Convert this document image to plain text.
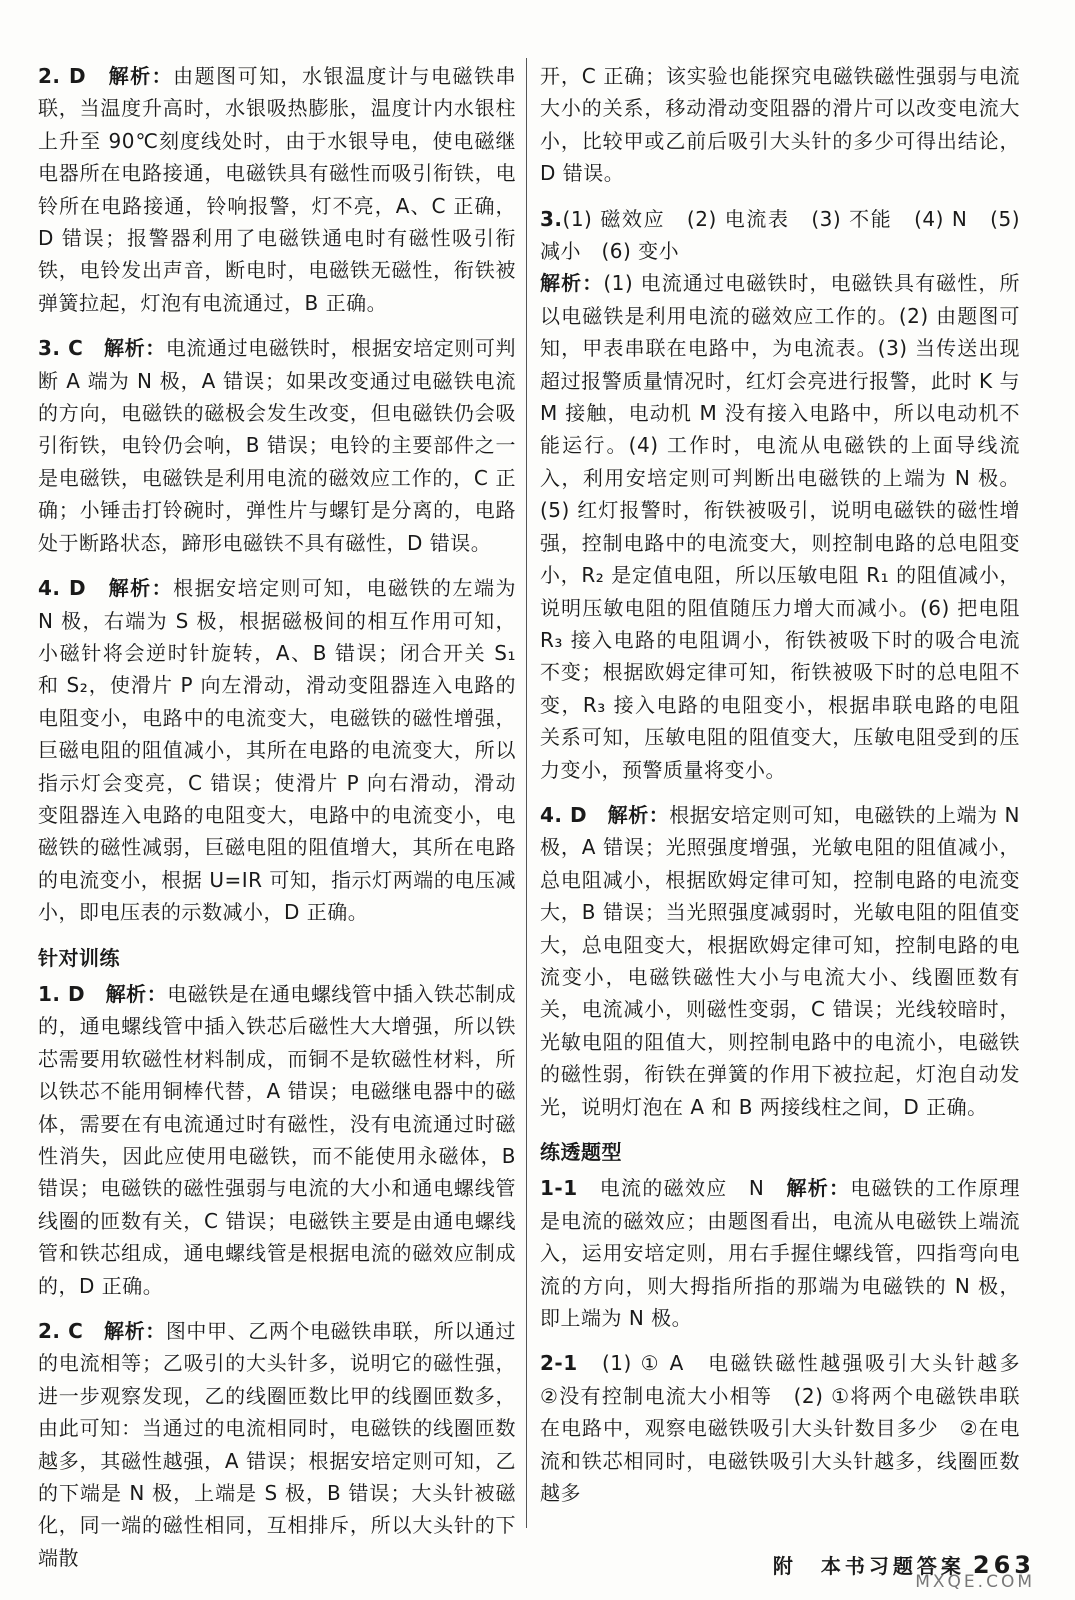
2. D　 解析：由题图可知，水银温度计与电磁铁串联，当温度升高时，水银吸热膨胀，温度计内水银柱上升至 90℃刻度线处时，由于水银导电，使电磁继电器所在电路接通，电磁铁具有磁性而吸引衔铁，电铃所在电路接通，铃响报警，灯不亮，A、C 正确，D 错误；报警器利用了电磁铁通电时有磁性吸引衔铁，电铃发出声音，断电时，电磁铁无磁性，衔铁被弹簧拉起，灯泡有电流通过，B 正确。

3. C　 解析：电流通过电磁铁时，根据安培定则可判断 A 端为 N 极，A 错误；如果改变通过电磁铁电流的方向，电磁铁的磁极会发生改变，但电磁铁仍会吸引衔铁，电铃仍会响，B 错误；电铃的主要部件之一是电磁铁，电磁铁是利用电流的磁效应工作的，C 正确；小锤击打铃碗时，弹性片与螺钉是分离的，电路处于断路状态，蹄形电磁铁不具有磁性，D 错误。

4. D　 解析：根据安培定则可知，电磁铁的左端为 N 极，右端为 S 极，根据磁极间的相互作用可知，小磁针将会逆时针旋转，A、B 错误；闭合开关 S₁ 和 S₂，使滑片 P 向左滑动，滑动变阻器连入电路的电阻变小，电路中的电流变大，电磁铁的磁性增强，巨磁电阻的阻值减小，其所在电路的电流变大，所以指示灯会变亮，C 错误；使滑片 P 向右滑动，滑动变阻器连入电路的电阻变大，电路中的电流变小，电磁铁的磁性减弱，巨磁电阻的阻值增大，其所在电路的电流变小，根据 U=IR 可知，指示灯两端的电压减小，即电压表的示数减小，D 正确。

针对训练

1. D　 解析：电磁铁是在通电螺线管中插入铁芯制成的，通电螺线管中插入铁芯后磁性大大增强，所以铁芯需要用软磁性材料制成，而铜不是软磁性材料，所以铁芯不能用铜棒代替，A 错误；电磁继电器中的磁体，需要在有电流通过时有磁性，没有电流通过时磁性消失，因此应使用电磁铁，而不能使用永磁体，B 错误；电磁铁的磁性强弱与电流的大小和通电螺线管线圈的匝数有关，C 错误；电磁铁主要是由通电螺线管和铁芯组成，通电螺线管是根据电流的磁效应制成的，D 正确。

2. C　 解析：图中甲、乙两个电磁铁串联，所以通过的电流相等；乙吸引的大头针多，说明它的磁性强，进一步观察发现，乙的线圈匝数比甲的线圈匝数多，由此可知：当通过的电流相同时，电磁铁的线圈匝数越多，其磁性越强，A 错误；根据安培定则可知，乙的下端是 N 极，上端是 S 极，B 错误；大头针被磁化，同一端的磁性相同，互相排斥，所以大头针的下端散

开，C 正确；该实验也能探究电磁铁磁性强弱与电流大小的关系，移动滑动变阻器的滑片可以改变电流大小，比较甲或乙前后吸引大头针的多少可得出结论，D 错误。

3.(1) 磁效应　(2) 电流表　(3) 不能　(4) N　(5) 减小　(6) 变小
解析：(1) 电流通过电磁铁时，电磁铁具有磁性，所以电磁铁是利用电流的磁效应工作的。(2) 由题图可知，甲表串联在电路中，为电流表。(3) 当传送出现超过报警质量情况时，红灯会亮进行报警，此时 K 与 M 接触，电动机 M 没有接入电路中，所以电动机不能运行。(4) 工作时，电流从电磁铁的上面导线流入，利用安培定则可判断出电磁铁的上端为 N 极。(5) 红灯报警时，衔铁被吸引，说明电磁铁的磁性增强，控制电路中的电流变大，则控制电路的总电阻变小，R₂ 是定值电阻，所以压敏电阻 R₁ 的阻值减小，说明压敏电阻的阻值随压力增大而减小。(6) 把电阻 R₃ 接入电路的电阻调小，衔铁被吸下时的吸合电流不变；根据欧姆定律可知，衔铁被吸下时的总电阻不变，R₃ 接入电路的电阻变小，根据串联电路的电阻关系可知，压敏电阻的阻值变大，压敏电阻受到的压力变小，预警质量将变小。

4. D　 解析：根据安培定则可知，电磁铁的上端为 N 极，A 错误；光照强度增强，光敏电阻的阻值减小，总电阻减小，根据欧姆定律可知，控制电路的电流变大，B 错误；当光照强度减弱时，光敏电阻的阻值变大，总电阻变大，根据欧姆定律可知，控制电路的电流变小，电磁铁磁性大小与电流大小、线圈匝数有关，电流减小，则磁性变弱，C 错误；光线较暗时，光敏电阻的阻值大，则控制电路中的电流小，电磁铁的磁性弱，衔铁在弹簧的作用下被拉起，灯泡自动发光，说明灯泡在 A 和 B 两接线柱之间，D 正确。

练透题型

1-1　 电流的磁效应　N　 解析：电磁铁的工作原理是电流的磁效应；由题图看出，电流从电磁铁上端流入，运用安培定则，用右手握住螺线管，四指弯向电流的方向，则大拇指所指的那端为电磁铁的 N 极，即上端为 N 极。

2-1　 (1) ① A　电磁铁磁性越强吸引大头针越多　②没有控制电流大小相等　(2) ①将两个电磁铁串联在电路中，观察电磁铁吸引大头针数目多少　②在电流和铁芯相同时，电磁铁吸引大头针越多，线圈匝数越多

附　本书习题答案 263
MXQE.COM
